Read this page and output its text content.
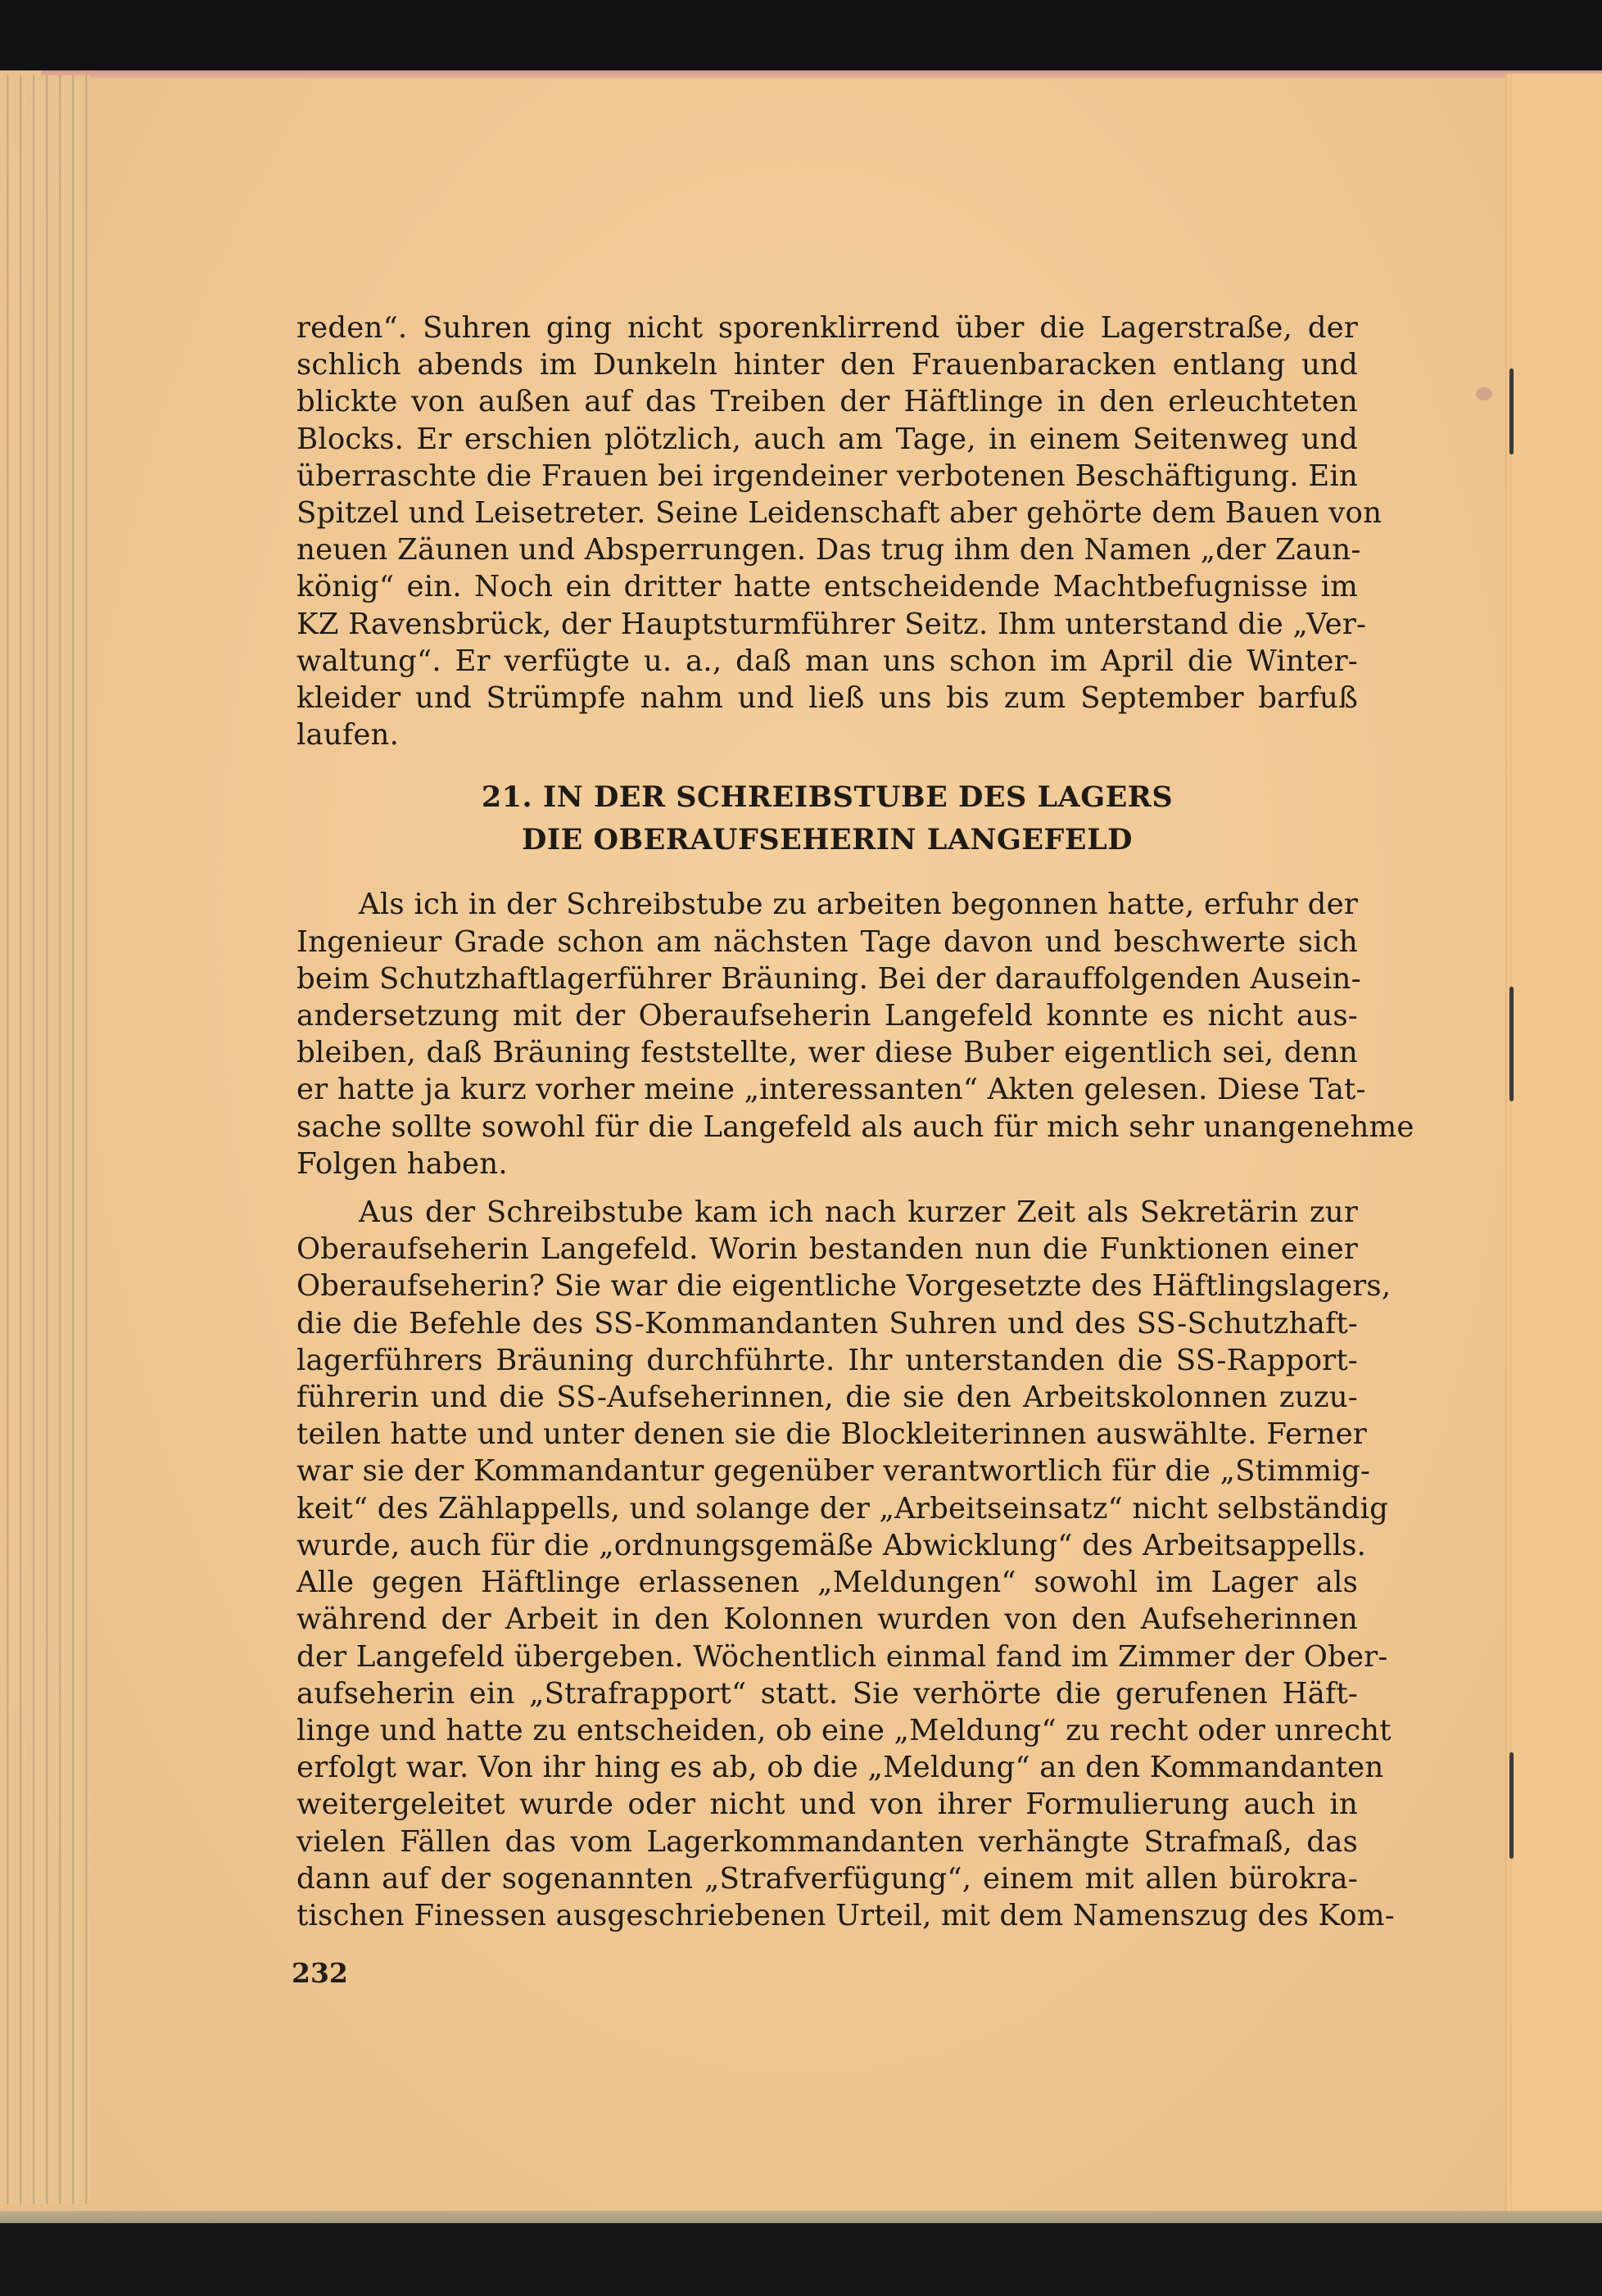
reden“. Suhren ging nicht sporenklirrend über die Lagerstraße, der
schlich abends im Dunkeln hinter den Frauenbaracken entlang und
blickte von außen auf das Treiben der Häftlinge in den erleuchteten
Blocks. Er erschien plötzlich, auch am Tage, in einem Seitenweg und
überraschte die Frauen bei irgendeiner verbotenen Beschäftigung. Ein
Spitzel und Leisetreter. Seine Leidenschaft aber gehörte dem Bauen von
neuen Zäunen und Absperrungen. Das trug ihm den Namen „der Zaun-
könig“ ein. Noch ein dritter hatte entscheidende Machtbefugnisse im
KZ Ravensbrück, der Hauptsturmführer Seitz. Ihm unterstand die „Ver-
waltung“. Er verfügte u. a., daß man uns schon im April die Winter-
kleider und Strümpfe nahm und ließ uns bis zum September barfuß
laufen.

21. IN DER SCHREIBSTUBE DES LAGERS
DIE OBERAUFSEHERIN LANGEFELD

Als ich in der Schreibstube zu arbeiten begonnen hatte, erfuhr der
Ingenieur Grade schon am nächsten Tage davon und beschwerte sich
beim Schutzhaftlagerführer Bräuning. Bei der darauffolgenden Ausein-
andersetzung mit der Oberaufseherin Langefeld konnte es nicht aus-
bleiben, daß Bräuning feststellte, wer diese Buber eigentlich sei, denn
er hatte ja kurz vorher meine „interessanten“ Akten gelesen. Diese Tat-
sache sollte sowohl für die Langefeld als auch für mich sehr unangenehme
Folgen haben.

Aus der Schreibstube kam ich nach kurzer Zeit als Sekretärin zur
Oberaufseherin Langefeld. Worin bestanden nun die Funktionen einer
Oberaufseherin? Sie war die eigentliche Vorgesetzte des Häftlingslagers,
die die Befehle des SS-Kommandanten Suhren und des SS-Schutzhaft-
lagerführers Bräuning durchführte. Ihr unterstanden die SS-Rapport-
führerin und die SS-Aufseherinnen, die sie den Arbeitskolonnen zuzu-
teilen hatte und unter denen sie die Blockleiterinnen auswählte. Ferner
war sie der Kommandantur gegenüber verantwortlich für die „Stimmig-
keit“ des Zählappells, und solange der „Arbeitseinsatz“ nicht selbständig
wurde, auch für die „ordnungsgemäße Abwicklung“ des Arbeitsappells.
Alle gegen Häftlinge erlassenen „Meldungen“ sowohl im Lager als
während der Arbeit in den Kolonnen wurden von den Aufseherinnen
der Langefeld übergeben. Wöchentlich einmal fand im Zimmer der Ober-
aufseherin ein „Strafrapport“ statt. Sie verhörte die gerufenen Häft-
linge und hatte zu entscheiden, ob eine „Meldung“ zu recht oder unrecht
erfolgt war. Von ihr hing es ab, ob die „Meldung“ an den Kommandanten
weitergeleitet wurde oder nicht und von ihrer Formulierung auch in
vielen Fällen das vom Lagerkommandanten verhängte Strafmaß, das
dann auf der sogenannten „Strafverfügung“, einem mit allen bürokra-
tischen Finessen ausgeschriebenen Urteil, mit dem Namenszug des Kom-

232
